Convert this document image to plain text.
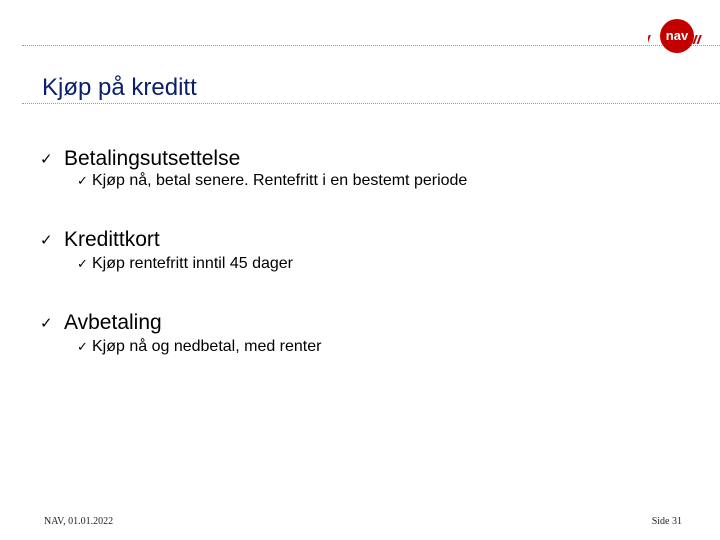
nav
Kjøp på kreditt
✓ Betalingsutsettelse
✓ Kjøp nå, betal senere. Rentefritt i en bestemt periode
✓ Kredittkort
✓ Kjøp rentefritt inntil 45 dager
✓ Avbetaling
✓ Kjøp nå og nedbetal, med renter
NAV, 01.01.2022	Side 31
